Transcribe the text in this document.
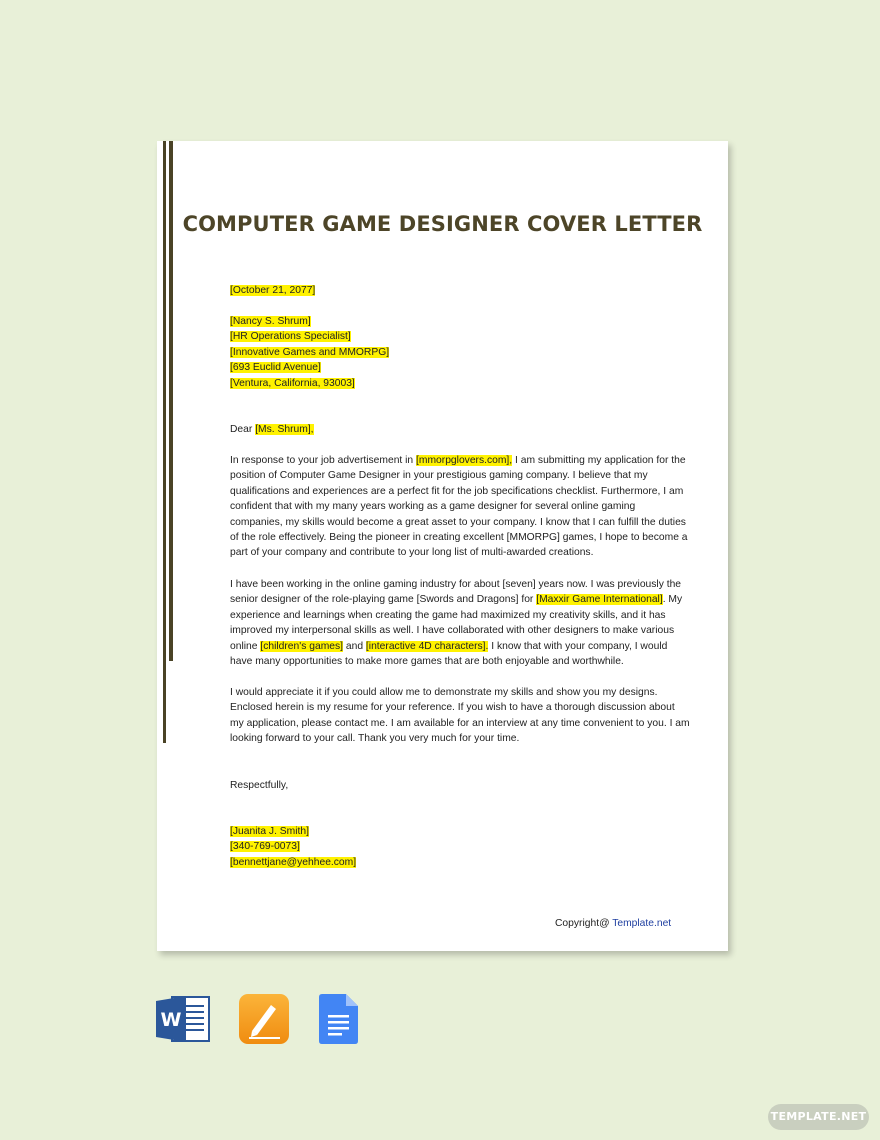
COMPUTER GAME DESIGNER COVER LETTER
[October 21, 2077]
[Nancy S. Shrum]
[HR Operations Specialist]
[Innovative Games and MMORPG]
[693 Euclid Avenue]
[Ventura, California, 93003]
Dear [Ms. Shrum],
In response to your job advertisement in [mmorpglovers.com], I am submitting my application for the position of Computer Game Designer in your prestigious gaming company. I believe that my qualifications and experiences are a perfect fit for the job specifications checklist. Furthermore, I am confident that with my many years working as a game designer for several online gaming companies, my skills would become a great asset to your company. I know that I can fulfill the duties of the role effectively. Being the pioneer in creating excellent [MMORPG] games, I hope to become a part of your company and contribute to your long list of multi-awarded creations.
I have been working in the online gaming industry for about [seven] years now. I was previously the senior designer of the role-playing game [Swords and Dragons] for [Maxxir Game International]. My experience and learnings when creating the game had maximized my creativity skills, and it has improved my interpersonal skills as well. I have collaborated with other designers to make various online [children's games] and [interactive 4D characters]. I know that with your company, I would have many opportunities to make more games that are both enjoyable and worthwhile.
I would appreciate it if you could allow me to demonstrate my skills and show you my designs. Enclosed herein is my resume for your reference. If you wish to have a thorough discussion about my application, please contact me. I am available for an interview at any time convenient to you. I am looking forward to your call. Thank you very much for your time.
Respectfully,
[Juanita J. Smith]
[340-769-0073]
[bennettjane@yehhee.com]
Copyright@ Template.net
W
TEMPLATE.NET
